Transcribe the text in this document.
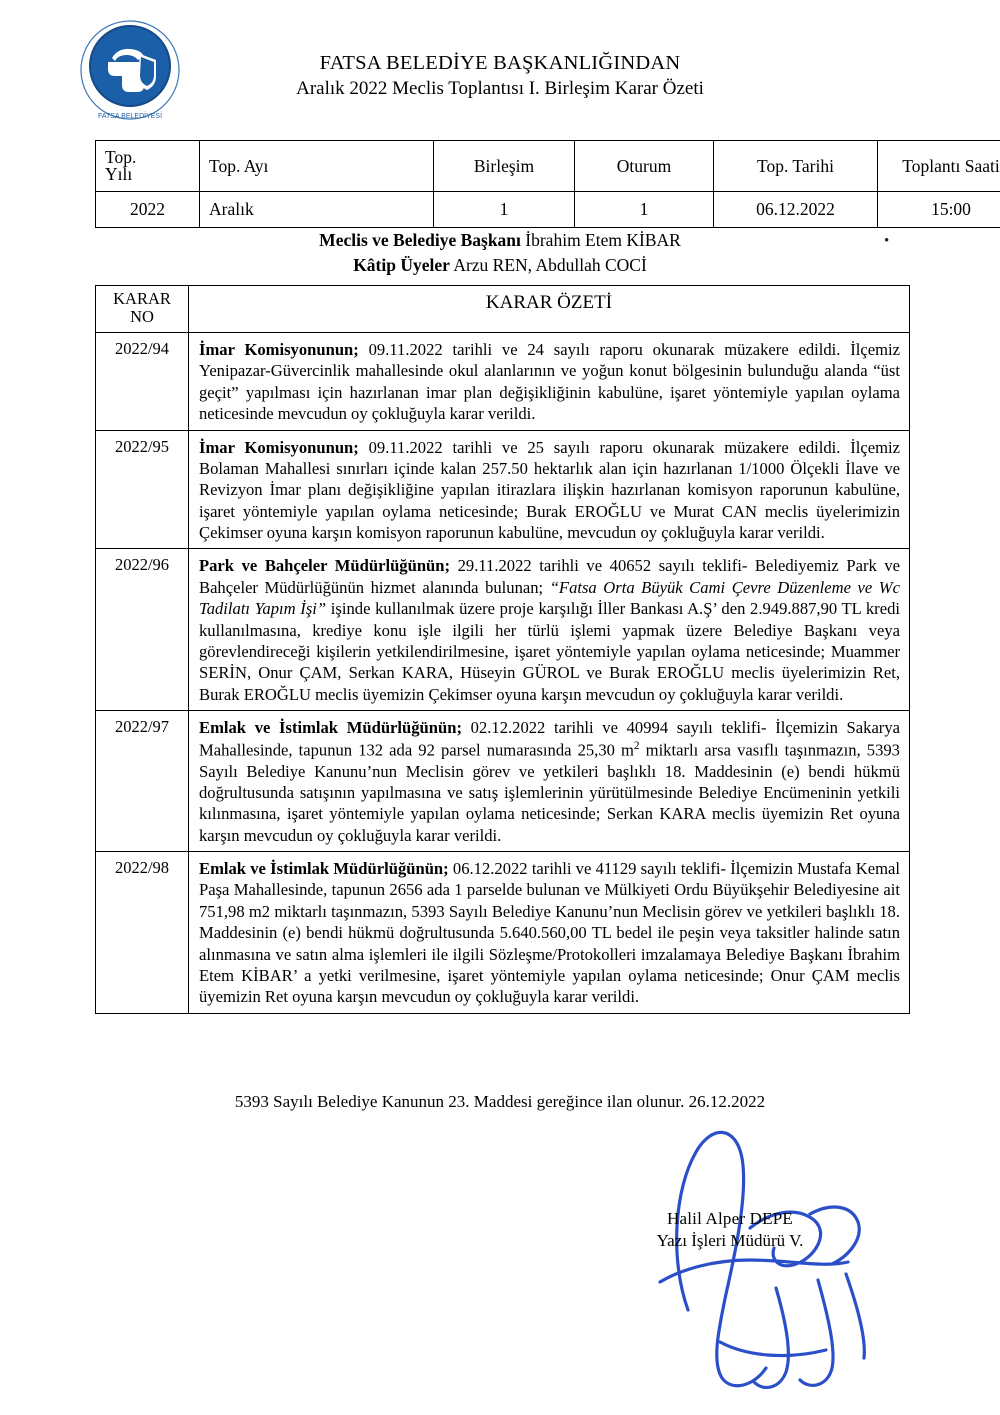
FATSA BELEDİYESİ
FATSA BELEDİYE BAŞKANLIĞINDAN
Aralık 2022 Meclis Toplantısı I. Birleşim Karar Özeti
Top.
Yılı	Top. Ayı	Birleşim	Oturum	Top. Tarihi	Toplantı Saati
2022	Aralık	1	1	06.12.2022	15:00
Meclis ve Belediye Başkanı İbrahim Etem KİBAR
Kâtip Üyeler Arzu REN, Abdullah COCİ
•
KARAR
NO	KARAR ÖZETİ
2022/94	İmar Komisyonunun; 09.11.2022 tarihli ve 24 sayılı raporu okunarak müzakere edildi. İlçemiz Yenipazar-Güvercinlik mahallesinde okul alanlarının ve yoğun konut bölgesinin bulunduğu alanda “üst geçit” yapılması için hazırlanan imar plan değişikliğinin kabulüne, işaret yöntemiyle yapılan oylama neticesinde mevcudun oy çokluğuyla karar verildi.
2022/95	İmar Komisyonunun; 09.11.2022 tarihli ve 25 sayılı raporu okunarak müzakere edildi. İlçemiz Bolaman Mahallesi sınırları içinde kalan 257.50 hektarlık alan için hazırlanan 1/1000 Ölçekli İlave ve Revizyon İmar planı değişikliğine yapılan itirazlara ilişkin hazırlanan komisyon raporunun kabulüne, işaret yöntemiyle yapılan oylama neticesinde; Burak EROĞLU ve Murat CAN meclis üyelerimizin Çekimser oyuna karşın komisyon raporunun kabulüne, mevcudun oy çokluğuyla karar verildi.
2022/96	Park ve Bahçeler Müdürlüğünün; 29.11.2022 tarihli ve 40652 sayılı teklifi- Belediyemiz Park ve Bahçeler Müdürlüğünün hizmet alanında bulunan; “Fatsa Orta Büyük Cami Çevre Düzenleme ve Wc Tadilatı Yapım İşi” işinde kullanılmak üzere proje karşılığı İller Bankası A.Ş’ den 2.949.887,90 TL kredi kullanılmasına, krediye konu işle ilgili her türlü işlemi yapmak üzere Belediye Başkanı veya görevlendireceği kişilerin yetkilendirilmesine, işaret yöntemiyle yapılan oylama neticesinde; Muammer SERİN, Onur ÇAM, Serkan KARA, Hüseyin GÜROL ve Burak EROĞLU meclis üyelerimizin Ret, Burak EROĞLU meclis üyemizin Çekimser oyuna karşın mevcudun oy çokluğuyla karar verildi.
2022/97	Emlak ve İstimlak Müdürlüğünün; 02.12.2022 tarihli ve 40994 sayılı teklifi- İlçemizin Sakarya Mahallesinde, tapunun 132 ada 92 parsel numarasında 25,30 $m^2$ miktarlı arsa vasıflı taşınmazın, 5393 Sayılı Belediye Kanunu’nun Meclisin görev ve yetkileri başlıklı 18. Maddesinin (e) bendi hükmü doğrultusunda satışının yapılmasına ve satış işlemlerinin yürütülmesinde Belediye Encümeninin yetkili kılınmasına, işaret yöntemiyle yapılan oylama neticesinde; Serkan KARA meclis üyemizin Ret oyuna karşın mevcudun oy çokluğuyla karar verildi.
2022/98	Emlak ve İstimlak Müdürlüğünün; 06.12.2022 tarihli ve 41129 sayılı teklifi- İlçemizin Mustafa Kemal Paşa Mahallesinde, tapunun 2656 ada 1 parselde bulunan ve Mülkiyeti Ordu Büyükşehir Belediyesine ait 751,98 m2 miktarlı taşınmazın, 5393 Sayılı Belediye Kanunu’nun Meclisin görev ve yetkileri başlıklı 18. Maddesinin (e) bendi hükmü doğrultusunda 5.640.560,00 TL bedel ile peşin veya taksitler halinde satın alınmasına ve satın alma işlemleri ile ilgili Sözleşme/Protokolleri imzalamaya Belediye Başkanı İbrahim Etem KİBAR’ a yetki verilmesine, işaret yöntemiyle yapılan oylama neticesinde; Onur ÇAM meclis üyemizin Ret oyuna karşın mevcudun oy çokluğuyla karar verildi.
5393 Sayılı Belediye Kanunun 23. Maddesi gereğince ilan olunur. 26.12.2022
Halil Alper DEPE
Yazı İşleri Müdürü V.
